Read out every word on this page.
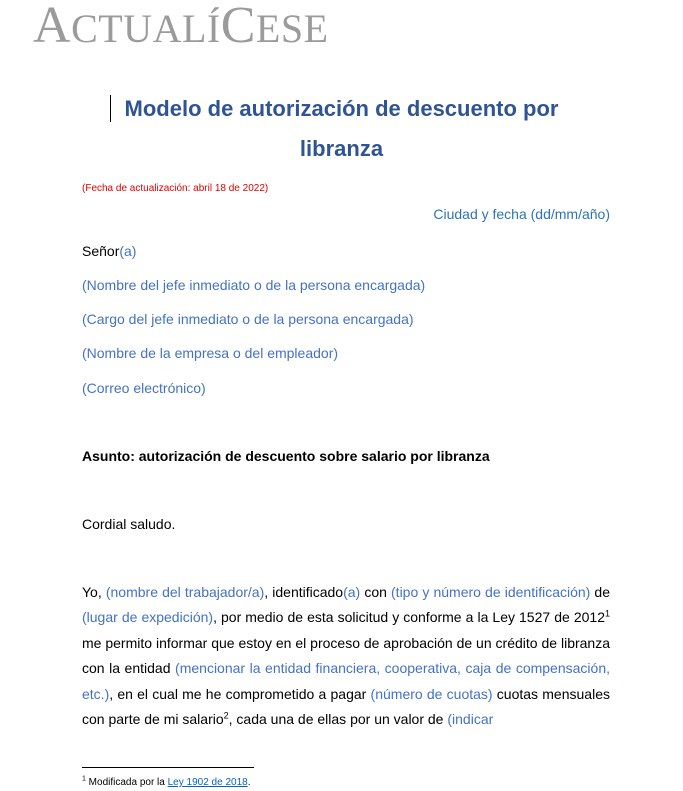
ACTUALÍCESE
Modelo de autorización de descuento por
libranza
(Fecha de actualización: abril 18 de 2022)
Ciudad y fecha (dd/mm/año)
Señor(a)
(Nombre del jefe inmediato o de la persona encargada)
(Cargo del jefe inmediato o de la persona encargada)
(Nombre de la empresa o del empleador)
(Correo electrónico)
Asunto: autorización de descuento sobre salario por libranza
Cordial saludo.

Yo, (nombre del trabajador/a), identificado(a) con (tipo y número de identificación) de (lugar de expedición), por medio de esta solicitud y conforme a la Ley 1527 de 2012$^1$ me permito informar que estoy en el proceso de aprobación de un crédito de libranza con la entidad (mencionar la entidad financiera, cooperativa, caja de compensación, etc.), en el cual me he comprometido a pagar (número de cuotas) cuotas mensuales con parte de mi salario$^2$, cada una de ellas por un valor de (indicar

$^1$ Modificada por la Ley 1902 de 2018.
